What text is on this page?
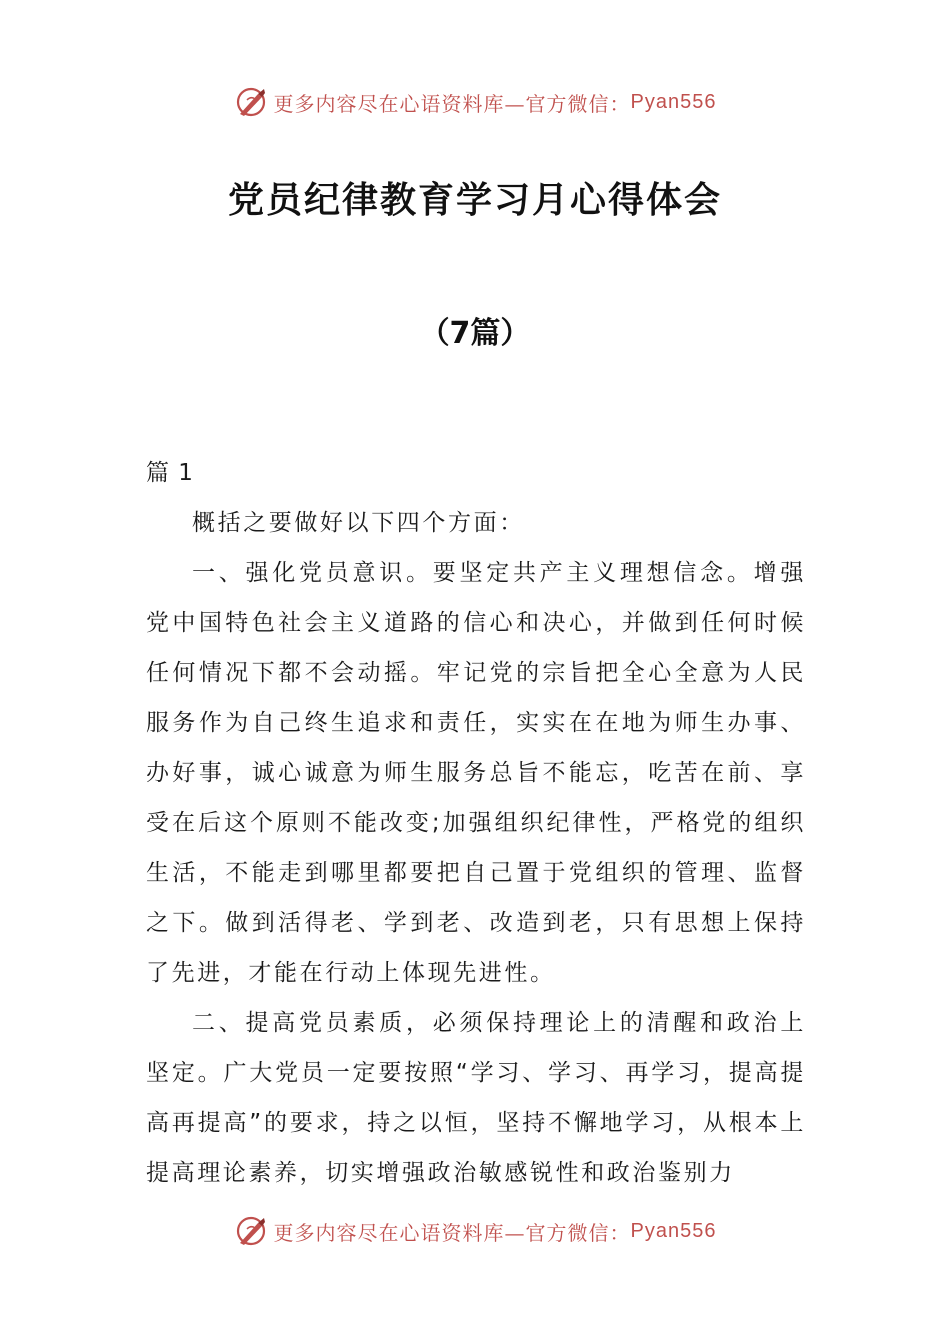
更多内容尽在心语资料库—官方微信： Pyan556
党员纪律教育学习月心得体会
（7篇）

篇 1

概括之要做好以下四个方面：

一、强化党员意识。要坚定共产主义理想信念。增强党中国特色社会主义道路的信心和决心，并做到任何时候任何情况下都不会动摇。牢记党的宗旨把全心全意为人民服务作为自己终生追求和责任，实实在在地为师生办事、办好事，诚心诚意为师生服务总旨不能忘，吃苦在前、享受在后这个原则不能改变;加强组织纪律性，严格党的组织生活，不能走到哪里都要把自己置于党组织的管理、监督之下。做到活得老、学到老、改造到老，只有思想上保持了先进，才能在行动上体现先进性。

二、提高党员素质，必须保持理论上的清醒和政治上坚定。广大党员一定要按照“学习、学习、再学习，提高提高再提高”的要求，持之以恒，坚持不懈地学习，从根本上提高理论素养，切实增强政治敏感锐性和政治鉴别力

更多内容尽在心语资料库—官方微信： Pyan556
